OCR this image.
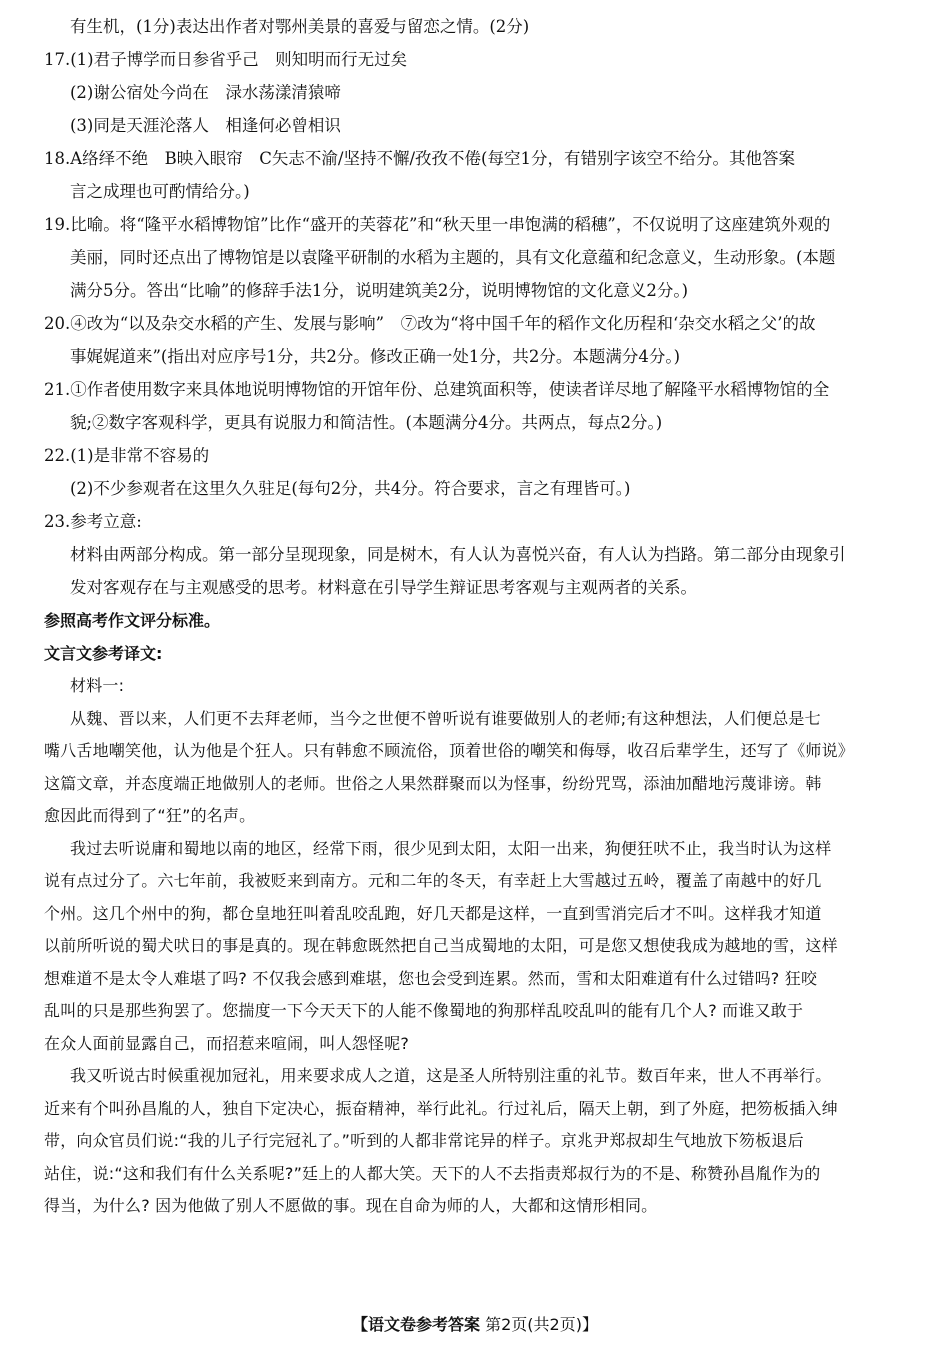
有生机，(1分)表达出作者对鄂州美景的喜爱与留恋之情。(2分)
17.(1)君子博学而日参省乎己　则知明而行无过矣
(2)谢公宿处今尚在　渌水荡漾清猿啼
(3)同是天涯沦落人　相逢何必曾相识
18.A络绎不绝　B映入眼帘　C矢志不渝/坚持不懈/孜孜不倦(每空1分，有错别字该空不给分。其他答案
言之成理也可酌情给分。)
19.比喻。将“隆平水稻博物馆”比作“盛开的芙蓉花”和“秋天里一串饱满的稻穗”，不仅说明了这座建筑外观的
美丽，同时还点出了博物馆是以袁隆平研制的水稻为主题的，具有文化意蕴和纪念意义，生动形象。(本题
满分5分。答出“比喻”的修辞手法1分，说明建筑美2分，说明博物馆的文化意义2分。)
20.④改为“以及杂交水稻的产生、发展与影响”　⑦改为“将中国千年的稻作文化历程和‘杂交水稻之父’的故
事娓娓道来”(指出对应序号1分，共2分。修改正确一处1分，共2分。本题满分4分。)
21.①作者使用数字来具体地说明博物馆的开馆年份、总建筑面积等，使读者详尽地了解隆平水稻博物馆的全
貌;②数字客观科学，更具有说服力和简洁性。(本题满分4分。共两点，每点2分。)
22.(1)是非常不容易的
(2)不少参观者在这里久久驻足(每句2分，共4分。符合要求，言之有理皆可。)
23.参考立意:
材料由两部分构成。第一部分呈现现象，同是树木，有人认为喜悦兴奋，有人认为挡路。第二部分由现象引
发对客观存在与主观感受的思考。材料意在引导学生辩证思考客观与主观两者的关系。
参照高考作文评分标准。
文言文参考译文:
材料一:
从魏、晋以来，人们更不去拜老师，当今之世便不曾听说有谁要做别人的老师;有这种想法，人们便总是七
嘴八舌地嘲笑他，认为他是个狂人。只有韩愈不顾流俗，顶着世俗的嘲笑和侮辱，收召后辈学生，还写了《师说》
这篇文章，并态度端正地做别人的老师。世俗之人果然群聚而以为怪事，纷纷咒骂，添油加醋地污蔑诽谤。韩
愈因此而得到了“狂”的名声。
我过去听说庸和蜀地以南的地区，经常下雨，很少见到太阳，太阳一出来，狗便狂吠不止，我当时认为这样
说有点过分了。六七年前，我被贬来到南方。元和二年的冬天，有幸赶上大雪越过五岭，覆盖了南越中的好几
个州。这几个州中的狗，都仓皇地狂叫着乱咬乱跑，好几天都是这样，一直到雪消完后才不叫。这样我才知道
以前所听说的蜀犬吠日的事是真的。现在韩愈既然把自己当成蜀地的太阳，可是您又想使我成为越地的雪，这样
想难道不是太令人难堪了吗? 不仅我会感到难堪，您也会受到连累。然而，雪和太阳难道有什么过错吗? 狂咬
乱叫的只是那些狗罢了。您揣度一下今天天下的人能不像蜀地的狗那样乱咬乱叫的能有几个人? 而谁又敢于
在众人面前显露自己，而招惹来喧闹，叫人怨怪呢?
我又听说古时候重视加冠礼，用来要求成人之道，这是圣人所特别注重的礼节。数百年来，世人不再举行。
近来有个叫孙昌胤的人，独自下定决心，振奋精神，举行此礼。行过礼后，隔天上朝，到了外庭，把笏板插入绅
带，向众官员们说:“我的儿子行完冠礼了。”听到的人都非常诧异的样子。京兆尹郑叔却生气地放下笏板退后
站住，说:“这和我们有什么关系呢?”廷上的人都大笑。天下的人不去指责郑叔行为的不是、称赞孙昌胤作为的
得当，为什么? 因为他做了别人不愿做的事。现在自命为师的人，大都和这情形相同。
【语文卷参考答案 第2页(共2页)】
